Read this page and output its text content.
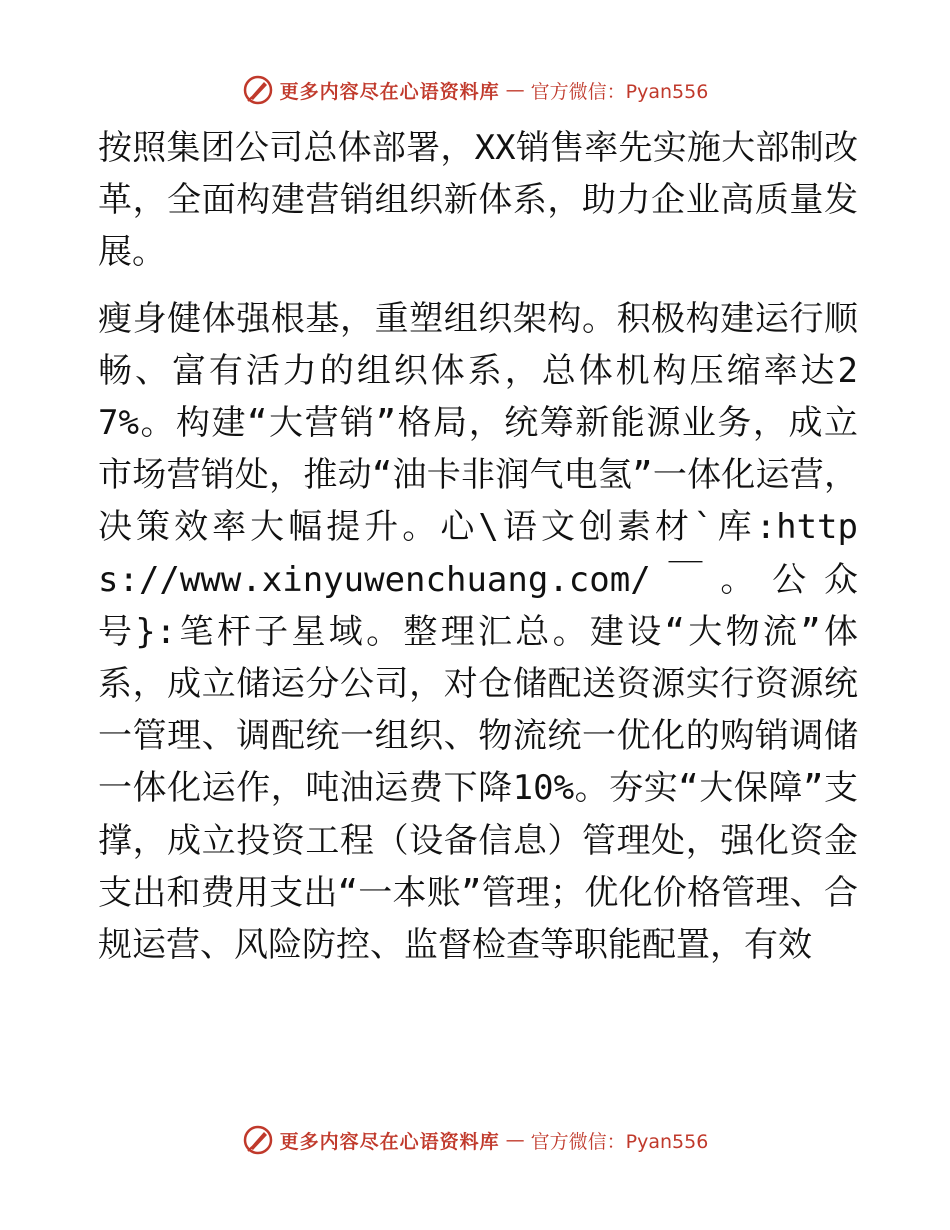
更多内容尽在心语资料库 — 官方微信：Pyan556

按照集团公司总体部署，XX销售率先实施大部制改革，全面构建营销组织新体系，助力企业高质量发展。

瘦身健体强根基，重塑组织架构。积极构建运行顺畅、富有活力的组织体系，总体机构压缩率达27%。构建“大营销”格局，统筹新能源业务，成立市场营销处，推动“油卡非润气电氢”一体化运营，决策效率大幅提升。心\语文创素材`库:https://www.xinyuwenchuang.com/￣。公众号}:笔杆子星域。整理汇总。建设“大物流”体系，成立储运分公司，对仓储配送资源实行资源统一管理、调配统一组织、物流统一优化的购销调储一体化运作，吨油运费下降10%。夯实“大保障”支撑，成立投资工程（设备信息）管理处，强化资金支出和费用支出“一本账”管理；优化价格管理、合规运营、风险防控、监督检查等职能配置，有效

更多内容尽在心语资料库 — 官方微信：Pyan556
